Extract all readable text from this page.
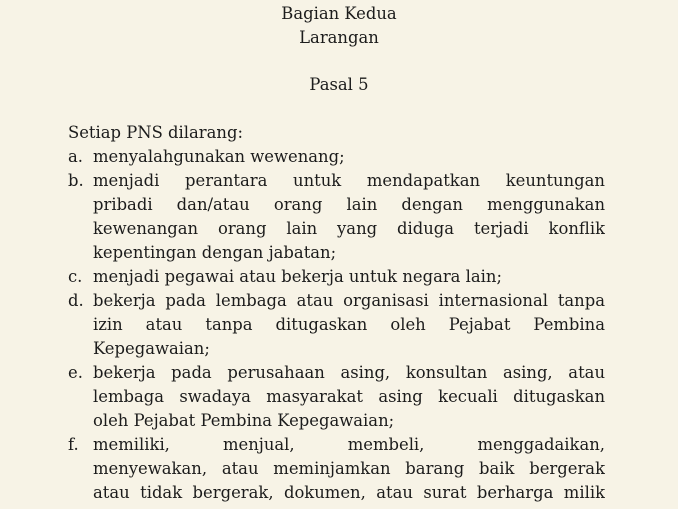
Bagian Kedua
Larangan
Pasal 5
Setiap PNS dilarang:
a. menyalahgunakan wewenang;
b. menjadi perantara untuk mendapatkan keuntungan
pribadi dan/atau orang lain dengan menggunakan
kewenangan orang lain yang diduga terjadi konflik
kepentingan dengan jabatan;
c. menjadi pegawai atau bekerja untuk negara lain;
d. bekerja pada lembaga atau organisasi internasional tanpa
izin atau tanpa ditugaskan oleh Pejabat Pembina
Kepegawaian;
e. bekerja pada perusahaan asing, konsultan asing, atau
lembaga swadaya masyarakat asing kecuali ditugaskan
oleh Pejabat Pembina Kepegawaian;
f. memiliki, menjual, membeli, menggadaikan,
menyewakan, atau meminjamkan barang baik bergerak
atau tidak bergerak, dokumen, atau surat berharga milik
